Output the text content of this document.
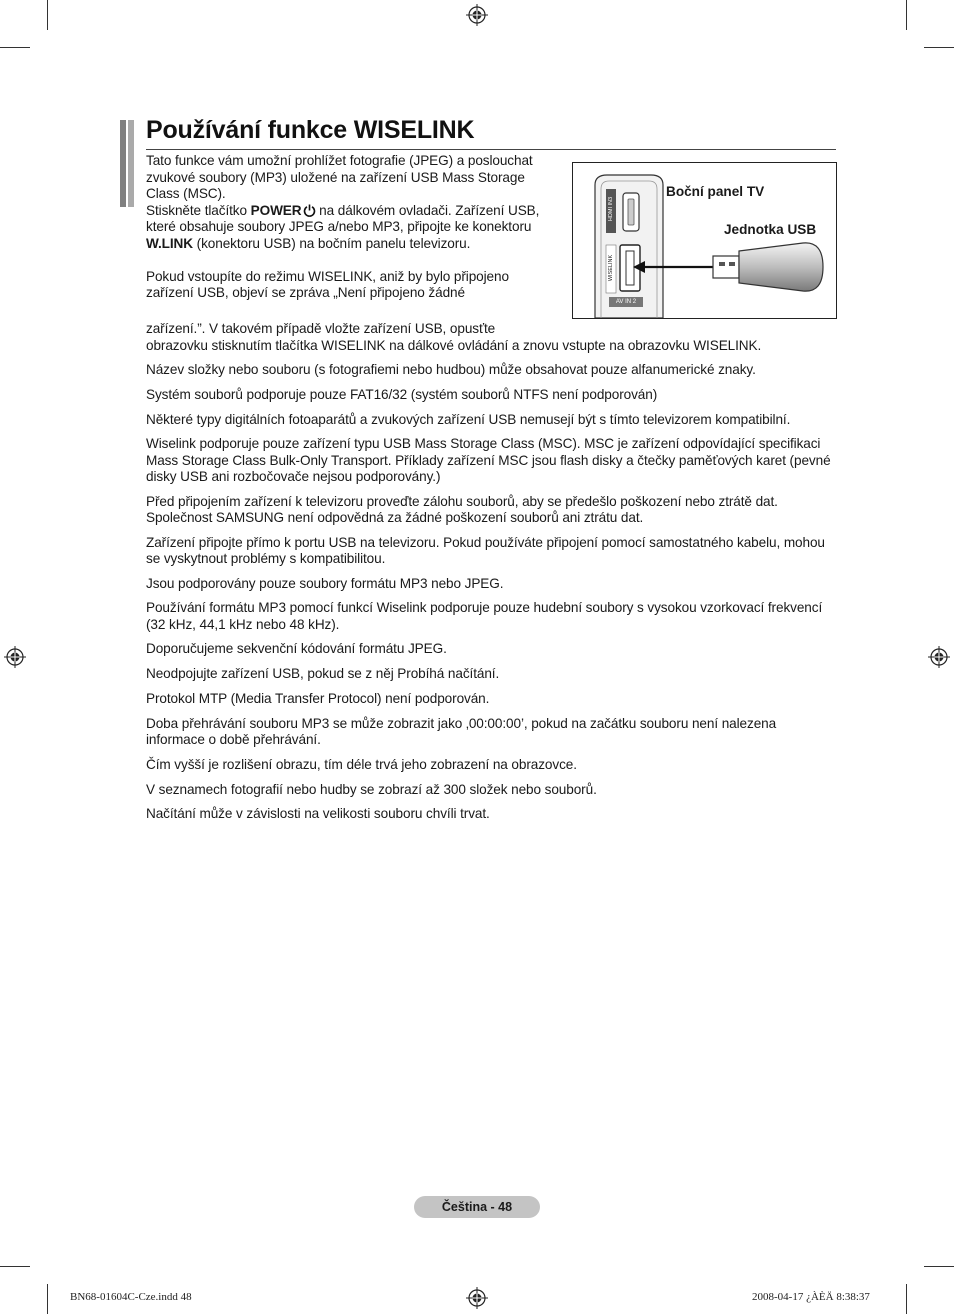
Používání funkce WISELINK

Tato funkce vám umožní prohlížet fotografie (JPEG) a poslouchat zvukové soubory (MP3) uložené na zařízení USB Mass Storage Class (MSC).

Stiskněte tlačítko POWER na dálkovém ovladači. Zařízení USB, které obsahuje soubory JPEG a/nebo MP3, připojte ke konektoru W.LINK (konektoru USB) na bočním panelu televizoru.

Pokud vstoupíte do režimu WISELINK, aniž by bylo připojeno zařízení USB, objeví se zpráva „Není připojeno žádné

zařízení.”. V takovém případě vložte zařízení USB, opusťte

obrazovku stisknutím tlačítka WISELINK na dálkové ovládání a znovu vstupte na obrazovku WISELINK.

Boční panel TV
Jednotka USB
HDMI IN3
WISELINK
AV IN 2

Název složky nebo souboru (s fotografiemi nebo hudbou) může obsahovat pouze alfanumerické znaky.

Systém souborů podporuje pouze FAT16/32 (systém souborů NTFS není podporován)

Některé typy digitálních fotoaparátů a zvukových zařízení USB nemusejí být s tímto televizorem kompatibilní.

Wiselink podporuje pouze zařízení typu USB Mass Storage Class (MSC). MSC je zařízení odpovídající specifikaci Mass Storage Class Bulk-Only Transport. Příklady zařízení MSC jsou flash disky a čtečky paměťových karet (pevné disky USB ani rozbočovače nejsou podporovány.)

Před připojením zařízení k televizoru proveďte zálohu souborů, aby se předešlo poškození nebo ztrátě dat. Společnost SAMSUNG není odpovědná za žádné poškození souborů ani ztrátu dat.

Zařízení připojte přímo k portu USB na televizoru. Pokud používáte připojení pomocí samostatného kabelu, mohou se vyskytnout problémy s kompatibilitou.

Jsou podporovány pouze soubory formátu MP3 nebo JPEG.

Používání formátu MP3 pomocí funkcí Wiselink podporuje pouze hudební soubory s vysokou vzorkovací frekvencí (32 kHz, 44,1 kHz nebo 48 kHz).

Doporučujeme sekvenční kódování formátu JPEG.

Neodpojujte zařízení USB, pokud se z něj Probíhá načítání.

Protokol MTP (Media Transfer Protocol) není podporován.

Doba přehrávání souboru MP3 se může zobrazit jako ‚00:00:00’, pokud na začátku souboru není nalezena informace o době přehrávání.

Čím vyšší je rozlišení obrazu, tím déle trvá jeho zobrazení na obrazovce.

V seznamech fotografií nebo hudby se zobrazí až 300 složek nebo souborů.

Načítání může v závislosti na velikosti souboru chvíli trvat.

Čeština - 48
BN68-01604C-Cze.indd 48	2008-04-17 ¿ÀÈÄ 8:38:37
